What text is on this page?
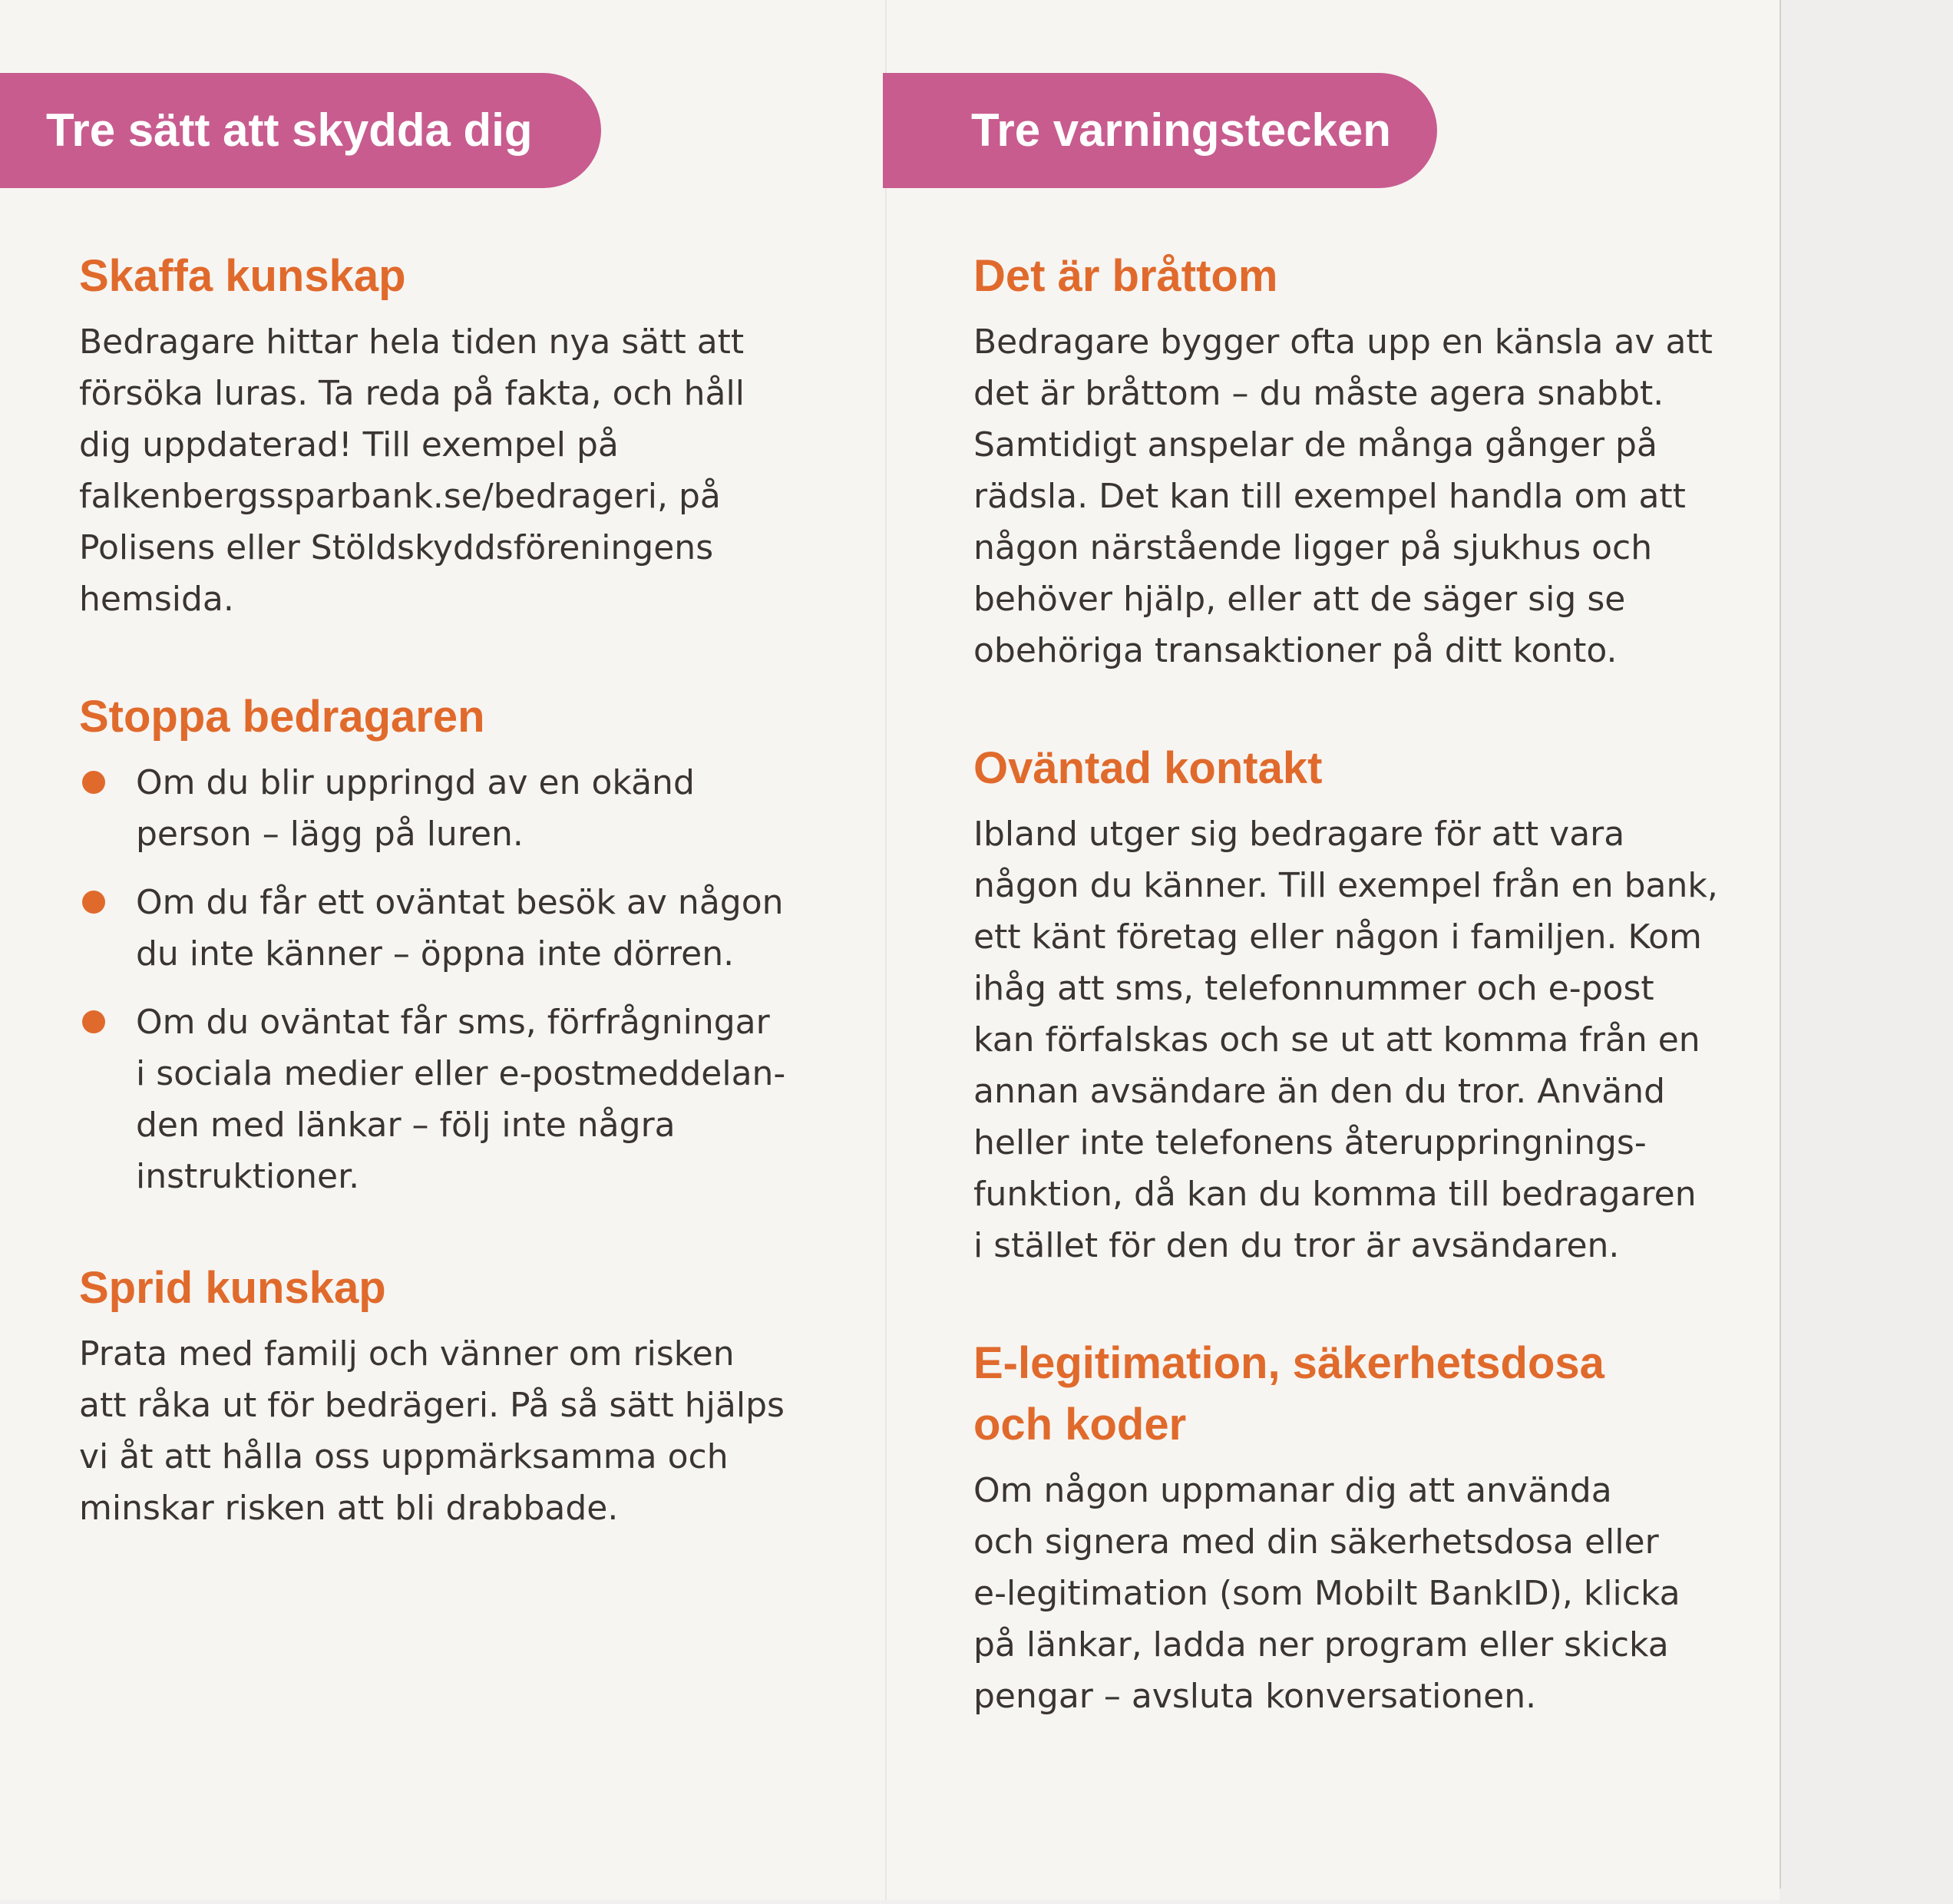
Tre sätt att skydda dig
Skaffa kunskap

Bedragare hittar hela tiden nya sätt att
försöka luras. Ta reda på fakta, och håll
dig uppdaterad! Till exempel på
falkenbergssparbank.se/bedrageri, på
Polisens eller Stöldskyddsföreningens
hemsida.

Stoppa bedragaren
Om du blir uppringd av en okänd
person – lägg på luren.
Om du får ett oväntat besök av någon
du inte känner – öppna inte dörren.
Om du oväntat får sms, förfrågningar
i sociala medier eller e-postmeddelan-
den med länkar – följ inte några
instruktioner.
Sprid kunskap

Prata med familj och vänner om risken
att råka ut för bedrägeri. På så sätt hjälps
vi åt att hålla oss uppmärksamma och
minskar risken att bli drabbade.

Tre varningstecken
Det är bråttom

Bedragare bygger ofta upp en känsla av att
det är bråttom – du måste agera snabbt.
Samtidigt anspelar de många gånger på
rädsla. Det kan till exempel handla om att
någon närstående ligger på sjukhus och
behöver hjälp, eller att de säger sig se
obehöriga transaktioner på ditt konto.

Oväntad kontakt

Ibland utger sig bedragare för att vara
någon du känner. Till exempel från en bank,
ett känt företag eller någon i familjen. Kom
ihåg att sms, telefonnummer och e-post
kan förfalskas och se ut att komma från en
annan avsändare än den du tror. Använd
heller inte telefonens återuppringnings-
funktion, då kan du komma till bedragaren
i stället för den du tror är avsändaren.

E-legitimation, säkerhetsdosa
och koder

Om någon uppmanar dig att använda
och signera med din säkerhetsdosa eller
e-legitimation (som Mobilt BankID), klicka
på länkar, ladda ner program eller skicka
pengar – avsluta konversationen.
